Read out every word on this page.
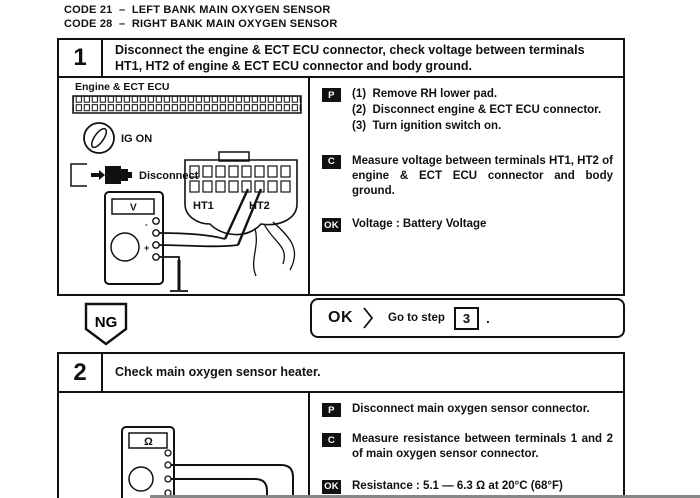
CODE 21  –  LEFT BANK MAIN OXYGEN SENSOR
CODE 28  –  RIGHT BANK MAIN OXYGEN SENSOR
1	Disconnect the engine & ECT ECU connector, check voltage between terminals HT1, HT2 of engine & ECT ECU connector and body ground.
Engine & ECT ECU
IG ON
Disconnect
HT1	HT2
V
-
+
P	(1)  Remove RH lower pad.
(2)  Disconnect engine & ECT ECU connector.
(3)  Turn ignition switch on.
C	Measure voltage between terminals HT1, HT2 of engine & ECT ECU connector and body ground.
OK Voltage : Battery Voltage
NG	OK	Go to step	3	.
2	Check main oxygen sensor heater.
Ω
P	Disconnect main oxygen sensor connector.
C	Measure resistance between terminals 1 and 2 of main oxygen sensor connector.
OK Resistance : 5.1 — 6.3 Ω at 20°C (68°F)
